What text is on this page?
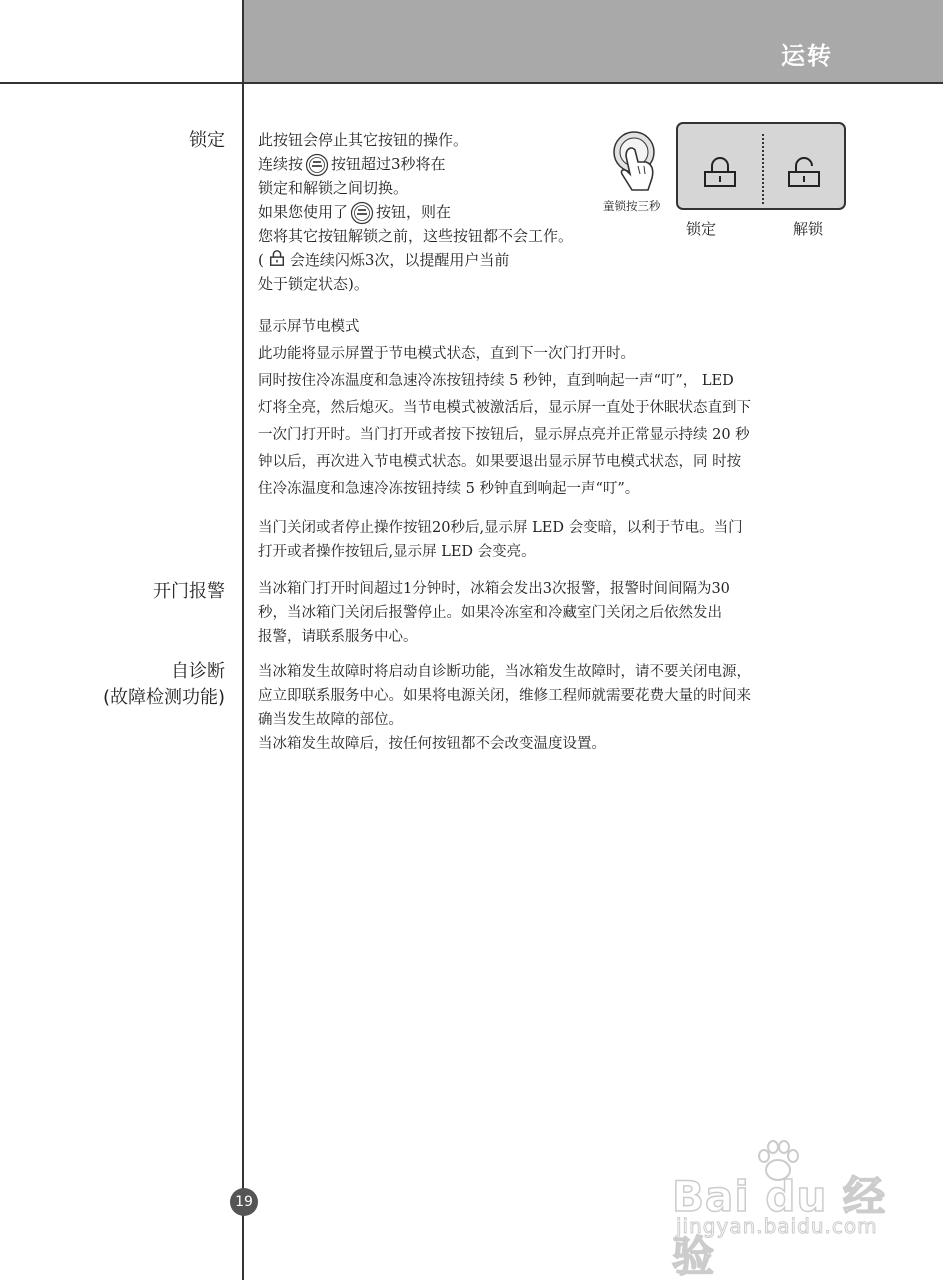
运转
锁定
开门报警
自诊断
(故障检测功能)
此按钮会停止其它按钮的操作。
连续按 按钮超过3秒将在
锁定和解锁之间切换。
如果您使用了 按钮，则在
您将其它按钮解锁之前，这些按钮都不会工作。
( 会连续闪烁3次，以提醒用户当前
处于锁定状态)。
童锁按三秒
锁定	解锁
显示屏节电模式
此功能将显示屏置于节电模式状态，直到下一次门打开时。
同时按住冷冻温度和急速冷冻按钮持续 5 秒钟，直到响起一声“叮”， LED
灯将全亮，然后熄灭。当节电模式被激活后，显示屏一直处于休眠状态直到下
一次门打开时。当门打开或者按下按钮后，显示屏点亮并正常显示持续 20 秒
钟以后，再次进入节电模式状态。如果要退出显示屏节电模式状态，同 时按
住冷冻温度和急速冷冻按钮持续 5 秒钟直到响起一声“叮”。
当门关闭或者停止操作按钮20秒后,显示屏 LED 会变暗，以利于节电。当门
打开或者操作按钮后,显示屏 LED 会变亮。
当冰箱门打开时间超过1分钟时，冰箱会发出3次报警，报警时间间隔为30
秒，当冰箱门关闭后报警停止。如果冷冻室和冷藏室门关闭之后依然发出
报警，请联系服务中心。
当冰箱发生故障时将启动自诊断功能，当冰箱发生故障时，请不要关闭电源，
应立即联系服务中心。如果将电源关闭，维修工程师就需要花费大量的时间来
确当发生故障的部位。
当冰箱发生故障后，按任何按钮都不会改变温度设置。
19	Bai du 经验
jingyan.baidu.com
